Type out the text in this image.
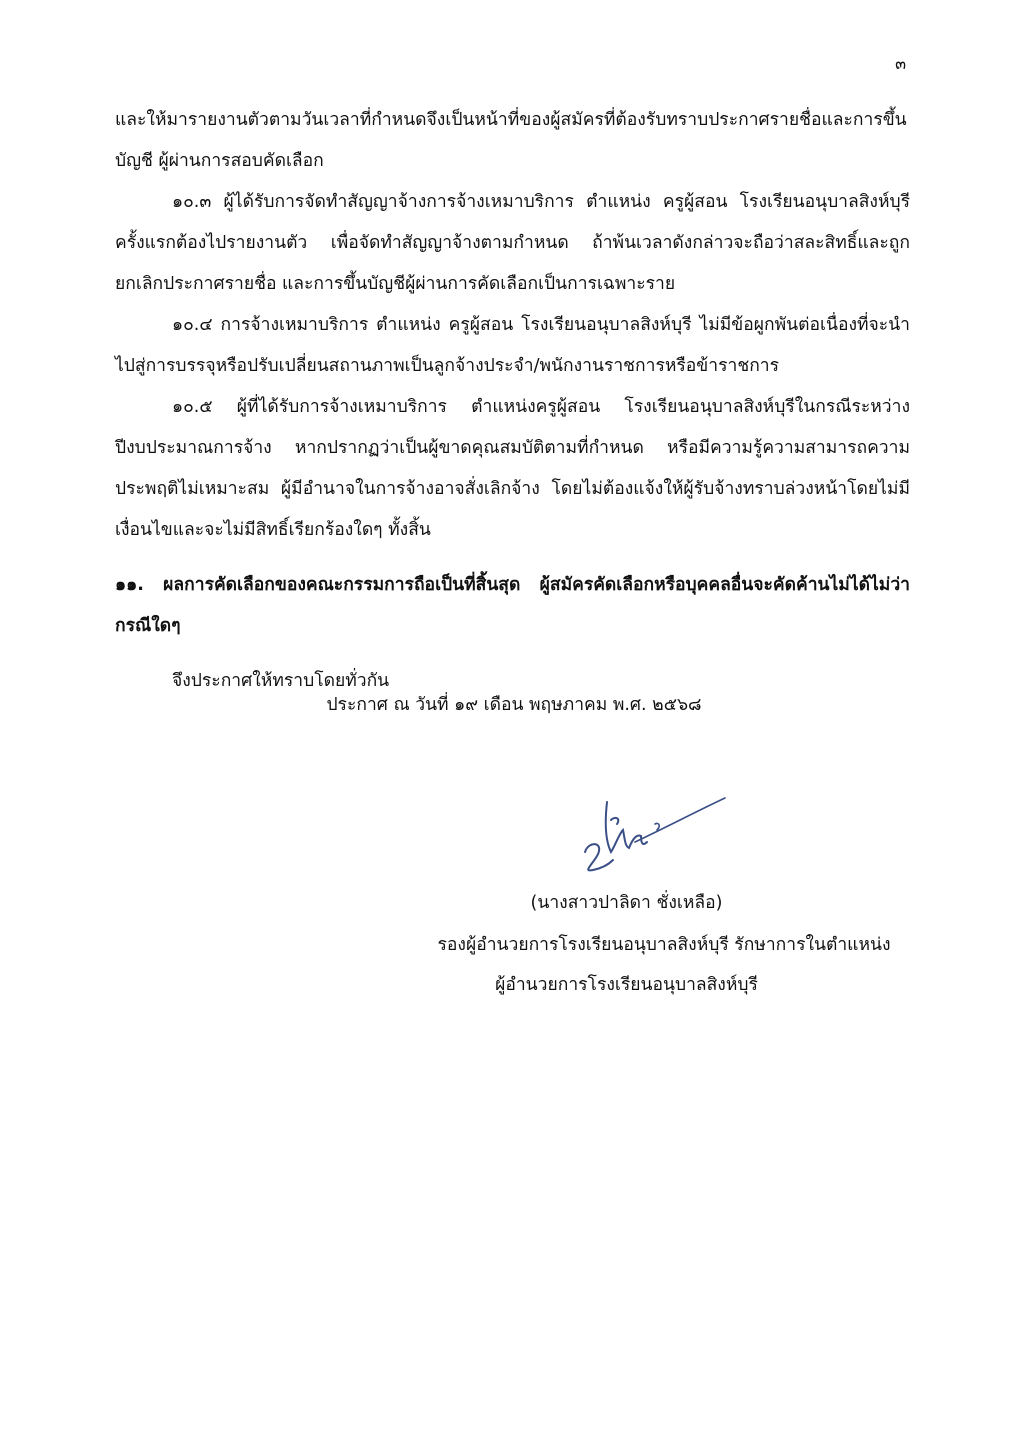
๓

และให้มารายงานตัวตามวันเวลาที่กำหนดจึงเป็นหน้าที่ของผู้สมัครที่ต้องรับทราบประกาศรายชื่อและการขึ้นบัญชี ผู้ผ่านการสอบคัดเลือก

๑๐.๓ ผู้ได้รับการจัดทำสัญญาจ้างการจ้างเหมาบริการ ตำแหน่ง ครูผู้สอน โรงเรียนอนุบาลสิงห์บุรีครั้งแรกต้องไปรายงานตัว เพื่อจัดทำสัญญาจ้างตามกำหนด ถ้าพ้นเวลาดังกล่าวจะถือว่าสละสิทธิ์และถูกยกเลิกประกาศรายชื่อ และการขึ้นบัญชีผู้ผ่านการคัดเลือกเป็นการเฉพาะราย

๑๐.๔ การจ้างเหมาบริการ ตำแหน่ง ครูผู้สอน โรงเรียนอนุบาลสิงห์บุรี ไม่มีข้อผูกพันต่อเนื่องที่จะนำไปสู่การบรรจุหรือปรับเปลี่ยนสถานภาพเป็นลูกจ้างประจำ/พนักงานราชการหรือข้าราชการ

๑๐.๕ ผู้ที่ได้รับการจ้างเหมาบริการ ตำแหน่งครูผู้สอน โรงเรียนอนุบาลสิงห์บุรีในกรณีระหว่างปีงบประมาณการจ้าง หากปรากฏว่าเป็นผู้ขาดคุณสมบัติตามที่กำหนด หรือมีความรู้ความสามารถความประพฤติไม่เหมาะสม ผู้มีอำนาจในการจ้างอาจสั่งเลิกจ้าง โดยไม่ต้องแจ้งให้ผู้รับจ้างทราบล่วงหน้าโดยไม่มีเงื่อนไขและจะไม่มีสิทธิ์เรียกร้องใดๆ ทั้งสิ้น

๑๑. ผลการคัดเลือกของคณะกรรมการถือเป็นที่สิ้นสุด ผู้สมัครคัดเลือกหรือบุคคลอื่นจะคัดค้านไม่ได้ไม่ว่ากรณีใดๆ

จึงประกาศให้ทราบโดยทั่วกัน

ประกาศ ณ วันที่ ๑๙ เดือน พฤษภาคม พ.ศ. ๒๕๖๘
(นางสาวปาลิดา ชั่งเหลือ)
รองผู้อำนวยการโรงเรียนอนุบาลสิงห์บุรี รักษาการในตำแหน่ง
ผู้อำนวยการโรงเรียนอนุบาลสิงห์บุรี
